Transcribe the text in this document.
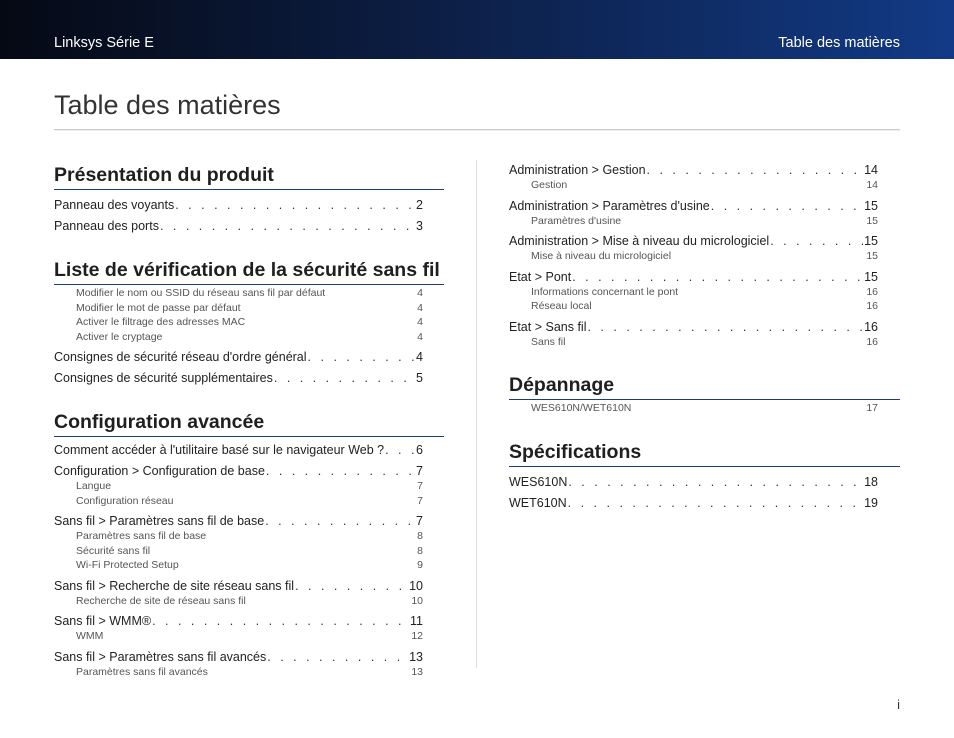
Linksys Série E	Table des matières
Table des matières
Présentation du produit
Panneau des voyants . . .	2
Panneau des ports . . .	3
Liste de vérification de la sécurité sans fil
Modifier le nom ou SSID du réseau sans fil par défaut	4
Modifier le mot de passe par défaut	4
Activer le filtrage des adresses MAC	4
Activer le cryptage	4
Consignes de sécurité réseau d'ordre général . . .	4
Consignes de sécurité supplémentaires . . .	5
Configuration avancée
Comment accéder à l'utilitaire basé sur le navigateur Web ? . . .	6
Configuration > Configuration de base . . .	7
Langue	7
Configuration réseau	7
Sans fil > Paramètres sans fil de base . . .	7
Paramètres sans fil de base	8
Sécurité sans fil	8
Wi-Fi Protected Setup	9
Sans fil > Recherche de site réseau sans fil . . .	10
Recherche de site de réseau sans fil	10
Sans fil > WMM® . . .	11
WMM	12
Sans fil > Paramètres sans fil avancés . . .	13
Paramètres sans fil avancés	13
Administration > Gestion . . .	14
Gestion	14
Administration > Paramètres d'usine . . .	15
Paramètres d'usine	15
Administration > Mise à niveau du micrologiciel . . .	15
Mise à niveau du micrologiciel	15
Etat > Pont . . .	15
Informations concernant le pont	16
Réseau local	16
Etat > Sans fil . . .	16
Sans fil	16
Dépannage
WES610N/WET610N	17
Spécifications
WES610N . . .	18
WET610N . . .	19
i
